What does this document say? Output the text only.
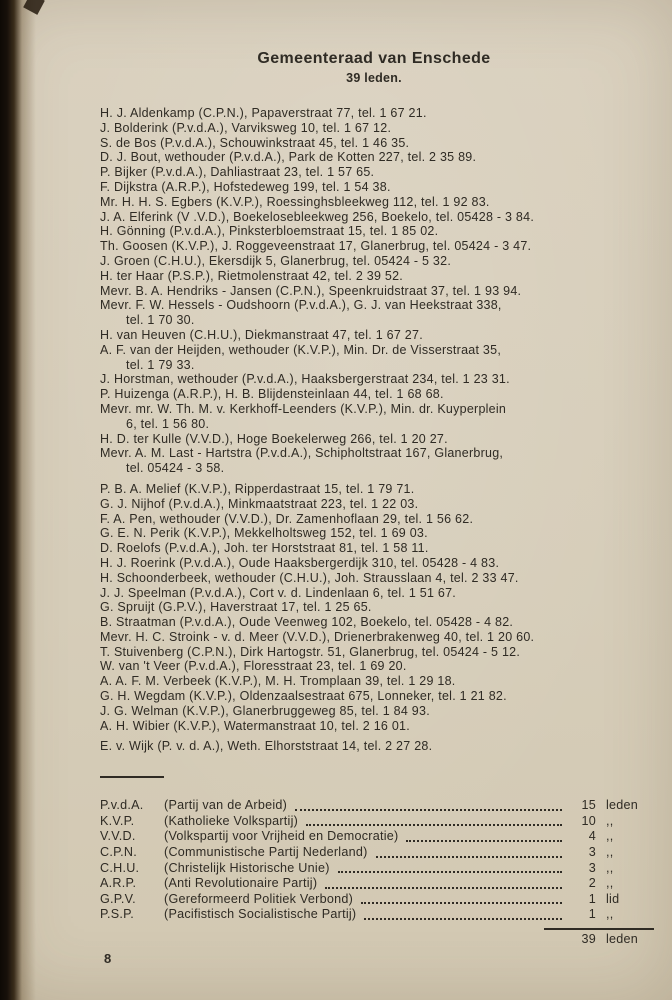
Gemeenteraad van Enschede
39 leden.
H. J. Aldenkamp (C.P.N.), Papaverstraat 77, tel. 1 67 21.
J. Bolderink (P.v.d.A.), Varviksweg 10, tel. 1 67 12.
S. de Bos (P.v.d.A.), Schouwinkstraat 45, tel. 1 46 35.
D. J. Bout, wethouder (P.v.d.A.), Park de Kotten 227, tel. 2 35 89.
P. Bijker (P.v.d.A.), Dahliastraat 23, tel. 1 57 65.
F. Dijkstra (A.R.P.), Hofstedeweg 199, tel. 1 54 38.
Mr. H. H. S. Egbers (K.V.P.), Roessinghsbleekweg 112, tel. 1 92 83.
J. A. Elferink (V .V.D.), Boekelosebleekweg 256, Boekelo, tel. 05428 - 3 84.
H. Gönning (P.v.d.A.), Pinksterbloemstraat 15, tel. 1 85 02.
Th. Goosen (K.V.P.), J. Roggeveenstraat 17, Glanerbrug, tel. 05424 - 3 47.
J. Groen (C.H.U.), Ekersdijk 5, Glanerbrug, tel. 05424 - 5 32.
H. ter Haar (P.S.P.), Rietmolenstraat 42, tel. 2 39 52.
Mevr. B. A. Hendriks - Jansen (C.P.N.), Speenkruidstraat 37, tel. 1 93 94.
Mevr. F. W. Hessels - Oudshoorn (P.v.d.A.), G. J. van Heekstraat 338,
tel. 1 70 30.
H. van Heuven (C.H.U.), Diekmanstraat 47, tel. 1 67 27.
A. F. van der Heijden, wethouder (K.V.P.), Min. Dr. de Visserstraat 35,
tel. 1 79 33.
J. Horstman, wethouder (P.v.d.A.), Haaksbergerstraat 234, tel. 1 23 31.
P. Huizenga (A.R.P.), H. B. Blijdensteinlaan 44, tel. 1 68 68.
Mevr. mr. W. Th. M. v. Kerkhoff-Leenders (K.V.P.), Min. dr. Kuyperplein
6, tel. 1 56 80.
H. D. ter Kulle (V.V.D.), Hoge Boekelerweg 266, tel. 1 20 27.
Mevr. A. M. Last - Hartstra (P.v.d.A.), Schipholtstraat 167, Glanerbrug,
tel. 05424 - 3 58.
P. B. A. Melief (K.V.P.), Ripperdastraat 15, tel. 1 79 71.
G. J. Nijhof (P.v.d.A.), Minkmaatstraat 223, tel. 1 22 03.
F. A. Pen, wethouder (V.V.D.), Dr. Zamenhoflaan 29, tel. 1 56 62.
G. E. N. Perik (K.V.P.), Mekkelholtsweg 152, tel. 1 69 03.
D. Roelofs (P.v.d.A.), Joh. ter Horststraat 81, tel. 1 58 11.
H. J. Roerink (P.v.d.A.), Oude Haaksbergerdijk 310, tel. 05428 - 4 83.
H. Schoonderbeek, wethouder (C.H.U.), Joh. Strausslaan 4, tel. 2 33 47.
J. J. Speelman (P.v.d.A.), Cort v. d. Lindenlaan 6, tel. 1 51 67.
G. Spruijt (G.P.V.), Haverstraat 17, tel. 1 25 65.
B. Straatman (P.v.d.A.), Oude Veenweg 102, Boekelo, tel. 05428 - 4 82.
Mevr. H. C. Stroink - v. d. Meer (V.V.D.), Drienerbrakenweg 40, tel. 1 20 60.
T. Stuivenberg (C.P.N.), Dirk Hartogstr. 51, Glanerbrug, tel. 05424 - 5 12.
W. van 't Veer (P.v.d.A.), Floresstraat 23, tel. 1 69 20.
A. A. F. M. Verbeek (K.V.P.), M. H. Tromplaan 39, tel. 1 29 18.
G. H. Wegdam (K.V.P.), Oldenzaalsestraat 675, Lonneker, tel. 1 21 82.
J. G. Welman (K.V.P.), Glanerbruggeweg 85, tel. 1 84 93.
A. H. Wibier (K.V.P.), Watermanstraat 10, tel. 2 16 01.
E. v. Wijk (P. v. d. A.), Weth. Elhorststraat 14, tel. 2 27 28.
P.v.d.A.	(Partij van de Arbeid)	15 leden
K.V.P.	(Katholieke Volkspartij)	10 ,,
V.V.D.	(Volkspartij voor Vrijheid en Democratie)	4 ,,
C.P.N.	(Communistische Partij Nederland)	3 ,,
C.H.U.	(Christelijk Historische Unie)	3 ,,
A.R.P.	(Anti Revolutionaire Partij)	2 ,,
G.P.V.	(Gereformeerd Politiek Verbond)	1 lid
P.S.P.	(Pacifistisch Socialistische Partij)	1 ,,
39 leden
8
